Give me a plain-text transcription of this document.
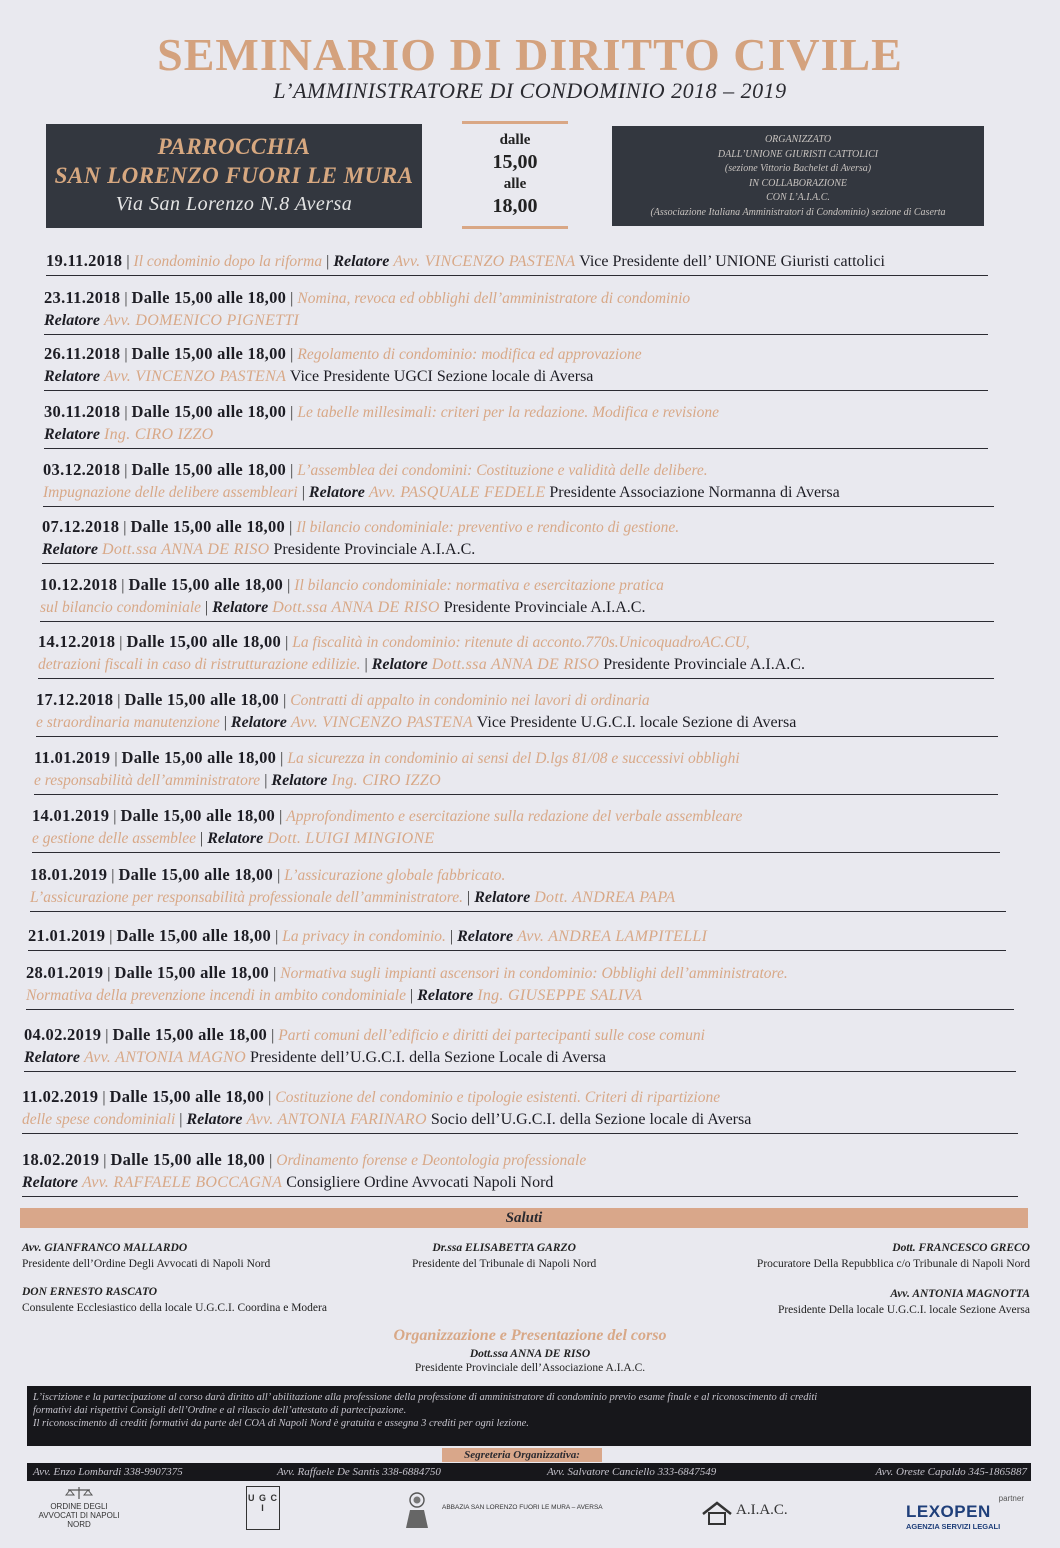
SEMINARIO DI DIRITTO CIVILE
L’AMMINISTRATORE DI CONDOMINIO 2018 – 2019
PARROCCHIA
SAN LORENZO FUORI LE MURA
Via San Lorenzo N.8 Aversa
dalle
15,00
alle
18,00
ORGANIZZATO
DALL’UNIONE GIURISTI CATTOLICI
(sezione Vittorio Bachelet di Aversa)
IN COLLABORAZIONE
CON L’A.I.A.C.
(Associazione Italiana Amministratori di Condominio) sezione di Caserta
19.11.2018 | Il condominio dopo la riforma | Relatore Avv. VINCENZO PASTENA Vice Presidente dell’ UNIONE Giuristi cattolici
23.11.2018 | Dalle 15,00 alle 18,00 | Nomina, revoca ed obblighi dell’amministratore di condominio
Relatore Avv. DOMENICO PIGNETTI
26.11.2018 | Dalle 15,00 alle 18,00 | Regolamento di condominio: modifica ed approvazione
Relatore Avv. VINCENZO PASTENA Vice Presidente UGCI Sezione locale di Aversa
30.11.2018 | Dalle 15,00 alle 18,00 | Le tabelle millesimali: criteri per la redazione. Modifica e revisione
Relatore Ing. CIRO IZZO
03.12.2018 | Dalle 15,00 alle 18,00 | L’assemblea dei condomini: Costituzione e validità delle delibere.
Impugnazione delle delibere assembleari | Relatore Avv. PASQUALE FEDELE Presidente Associazione Normanna di Aversa
07.12.2018 | Dalle 15,00 alle 18,00 | Il bilancio condominiale: preventivo e rendiconto di gestione.
Relatore Dott.ssa ANNA DE RISO Presidente Provinciale A.I.A.C.
10.12.2018 | Dalle 15,00 alle 18,00 | Il bilancio condominiale: normativa e esercitazione pratica
sul bilancio condominiale | Relatore Dott.ssa ANNA DE RISO Presidente Provinciale A.I.A.C.
14.12.2018 | Dalle 15,00 alle 18,00 | La fiscalità in condominio: ritenute di acconto.770s.UnicoquadroAC.CU,
detrazioni fiscali in caso di ristrutturazione edilizie. | Relatore Dott.ssa ANNA DE RISO Presidente Provinciale A.I.A.C.
17.12.2018 | Dalle 15,00 alle 18,00 | Contratti di appalto in condominio nei lavori di ordinaria
e straordinaria manutenzione | Relatore Avv. VINCENZO PASTENA Vice Presidente U.G.C.I. locale Sezione di Aversa
11.01.2019 | Dalle 15,00 alle 18,00 | La sicurezza in condominio ai sensi del D.lgs 81/08 e successivi obblighi
e responsabilità dell’amministratore | Relatore Ing. CIRO IZZO
14.01.2019 | Dalle 15,00 alle 18,00 | Approfondimento e esercitazione sulla redazione del verbale assembleare
e gestione delle assemblee | Relatore Dott. LUIGI MINGIONE
18.01.2019 | Dalle 15,00 alle 18,00 | L’assicurazione globale fabbricato.
L’assicurazione per responsabilità professionale dell’amministratore. | Relatore Dott. ANDREA PAPA
21.01.2019 | Dalle 15,00 alle 18,00 | La privacy in condominio. | Relatore Avv. ANDREA LAMPITELLI
28.01.2019 | Dalle 15,00 alle 18,00 | Normativa sugli impianti ascensori in condominio: Obblighi dell’amministratore.
Normativa della prevenzione incendi in ambito condominiale | Relatore Ing. GIUSEPPE SALIVA
04.02.2019 | Dalle 15,00 alle 18,00 | Parti comuni dell’edificio e diritti dei partecipanti sulle cose comuni
Relatore Avv. ANTONIA MAGNO Presidente dell’U.G.C.I. della Sezione Locale di Aversa
11.02.2019 | Dalle 15,00 alle 18,00 | Costituzione del condominio e tipologie esistenti. Criteri di ripartizione
delle spese condominiali | Relatore Avv. ANTONIA FARINARO Socio dell’U.G.C.I. della Sezione locale di Aversa
18.02.2019 | Dalle 15,00 alle 18,00 | Ordinamento forense e Deontologia professionale
Relatore Avv. RAFFAELE BOCCAGNA Consigliere Ordine Avvocati Napoli Nord
Saluti
Avv. GIANFRANCO MALLARDO
Presidente dell’Ordine Degli Avvocati di Napoli Nord
Dr.ssa ELISABETTA GARZO
Presidente del Tribunale di Napoli Nord
Dott. FRANCESCO GRECO
Procuratore Della Repubblica c/o Tribunale di Napoli Nord
DON ERNESTO RASCATO
Consulente Ecclesiastico della locale U.G.C.I. Coordina e Modera
Avv. ANTONIA MAGNOTTA
Presidente Della locale U.G.C.I. locale Sezione Aversa
Organizzazione e Presentazione del corso
Dott.ssa ANNA DE RISO
Presidente Provinciale dell’Associazione A.I.A.C.
L’iscrizione e la partecipazione al corso darà diritto all’ abilitazione alla professione della professione di amministratore di condominio previo esame finale e al riconoscimento di crediti
formativi dai rispettivi Consigli dell’Ordine e al rilascio dell’attestato di partecipazione.
Il riconoscimento di crediti formativi da parte del COA di Napoli Nord è gratuita e assegna 3 crediti per ogni lezione.
Segreteria Organizzativa:
Avv. Enzo Lombardi 338-9907375	Avv. Raffaele De Santis 338-6884750	Avv. Salvatore Canciello 333-6847549	Avv. Oreste Capaldo 345-1865887
ORDINE DEGLI AVVOCATI DI NAPOLI NORD
U G C I	ABBAZIA SAN LORENZO FUORI LE MURA – AVERSA	A.I.A.C.
partner
LEXOPEN
AGENZIA SERVIZI LEGALI
